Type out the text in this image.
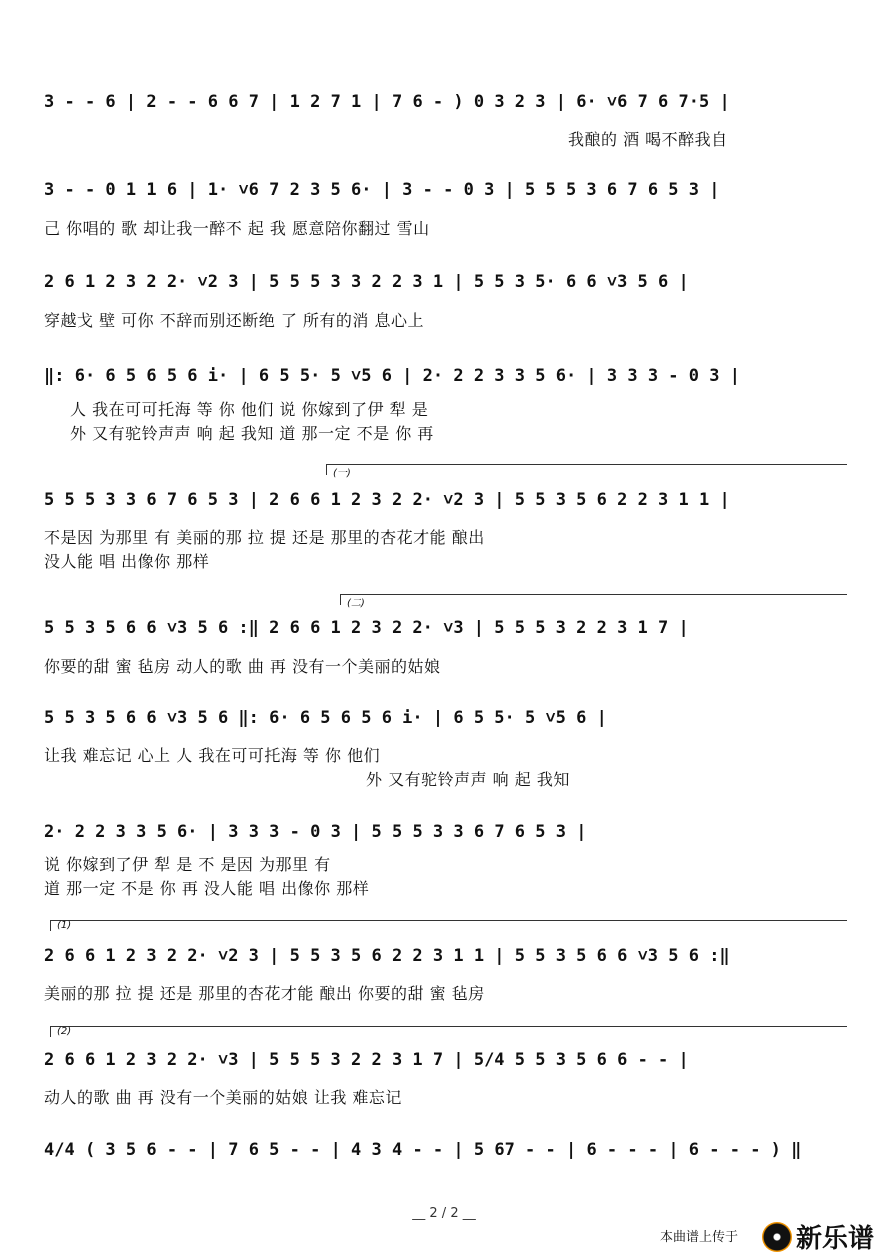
3 - - 6 | 2 - - 6 6 7 | 1 2 7 1 | 7 6 - ) 0 3 2 3 | 6· ˅6 7 6 7·5 |
我酿的 酒 喝不醉我自
3 - - 0 1 1 6 | 1· ˅6 7 2 3 5 6· | 3 - - 0 3 | 5 5 5 3 6 7 6 5 3 |
己 你唱的 歌 却让我一醉不 起 我 愿意陪你翻过 雪山
2 6 1 2 3 2 2· ˅2 3 | 5 5 5 3 3 2 2 3 1 | 5 5 3 5· 6 6 ˅3 5 6 |
穿越戈 壁 可你 不辞而别还断绝 了 所有的消 息心上
‖: 6· 6 5 6 5 6 i· | 6 5 5· 5 ˅5 6 | 2· 2 2 3 3 5 6· | 3 3 3 - 0 3 |
人 我在可可托海 等 你 他们 说 你嫁到了伊 犁 是
外 又有驼铃声声 响 起 我知 道 那一定 不是 你 再
(一)
5 5 5 3 3 6 7 6 5 3 | 2 6 6 1 2 3 2 2· ˅2 3 | 5 5 3 5 6 2 2 3 1 1 |
不是因 为那里 有 美丽的那 拉 提 还是 那里的杏花才能 酿出
没人能 唱 出像你 那样
(二)
5 5 3 5 6 6 ˅3 5 6 :‖ 2 6 6 1 2 3 2 2· ˅3 | 5 5 5 3 2 2 3 1 7 |
你要的甜 蜜 毡房 动人的歌 曲 再 没有一个美丽的姑娘
5 5 3 5 6 6 ˅3 5 6 ‖: 6· 6 5 6 5 6 i· | 6 5 5· 5 ˅5 6 |
让我 难忘记 心上 人 我在可可托海 等 你 他们
外 又有驼铃声声 响 起 我知
2· 2 2 3 3 5 6· | 3 3 3 - 0 3 | 5 5 5 3 3 6 7 6 5 3 |
说 你嫁到了伊 犁 是 不 是因 为那里 有
道 那一定 不是 你 再 没人能 唱 出像你 那样
(1)
2 6 6 1 2 3 2 2· ˅2 3 | 5 5 3 5 6 2 2 3 1 1 | 5 5 3 5 6 6 ˅3 5 6 :‖
美丽的那 拉 提 还是 那里的杏花才能 酿出 你要的甜 蜜 毡房
(2)
2 6 6 1 2 3 2 2· ˅3 | 5 5 5 3 2 2 3 1 7 | 5/4 5 5 3 5 6 6 - - |
动人的歌 曲 再 没有一个美丽的姑娘 让我 难忘记
4/4 ( 3 5 6 - - | 7 6 5 - - | 4 3 4 - - | 5 67 - - | 6 - - - | 6 - - - ) ‖
__ 2 / 2 __
本曲谱上传于 新乐谱
